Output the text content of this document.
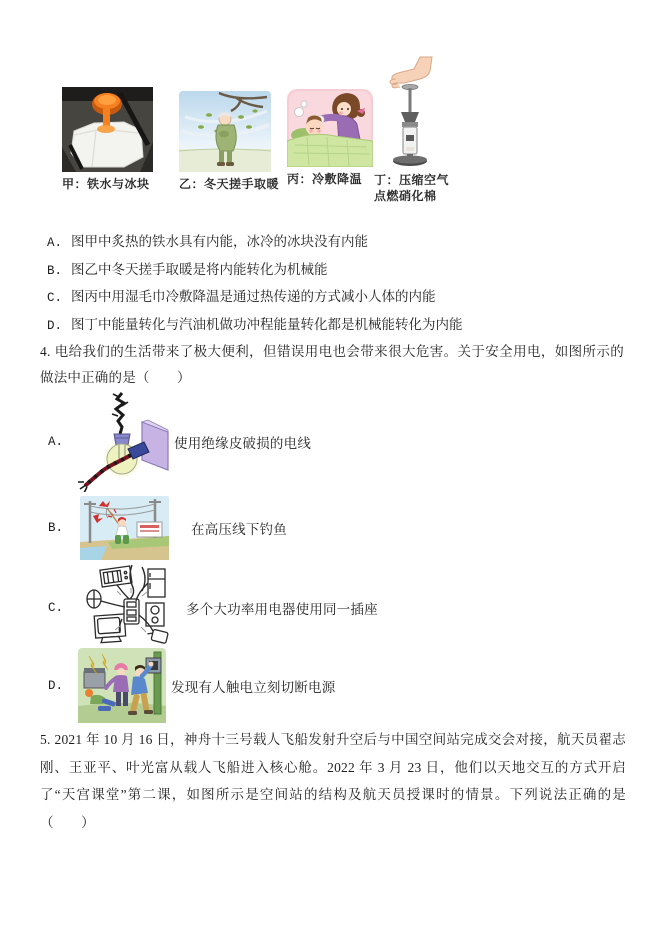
甲：铁水与冰块 乙：冬天搓手取暖 丙：冷敷降温 丁：压缩空气点燃硝化棉
A. 图甲中炙热的铁水具有内能，冰冷的冰块没有内能
B. 图乙中冬天搓手取暖是将内能转化为机械能
C. 图丙中用湿毛巾冷敷降温是通过热传递的方式减小人体的内能
D. 图丁中能量转化与汽油机做功冲程能量转化都是机械能转化为内能

4. 电给我们的生活带来了极大便利，但错误用电也会带来很大危害。关于安全用电，如图所示的做法中正确的是（　　）

A.	使用绝缘皮破损的电线
B.	在高压线下钓鱼
C.	多个大功率用电器使用同一插座
D.	发现有人触电立刻切断电源

5. 2021 年 10 月 16 日，神舟十三号载人飞船发射升空后与中国空间站完成交会对接，航天员翟志刚、王亚平、叶光富从载人飞船进入核心舱。2022 年 3 月 23 日，他们以天地交互的方式开启了“天宫课堂”第二课，如图所示是空间站的结构及航天员授课时的情景。下列说法正确的是（　　）
